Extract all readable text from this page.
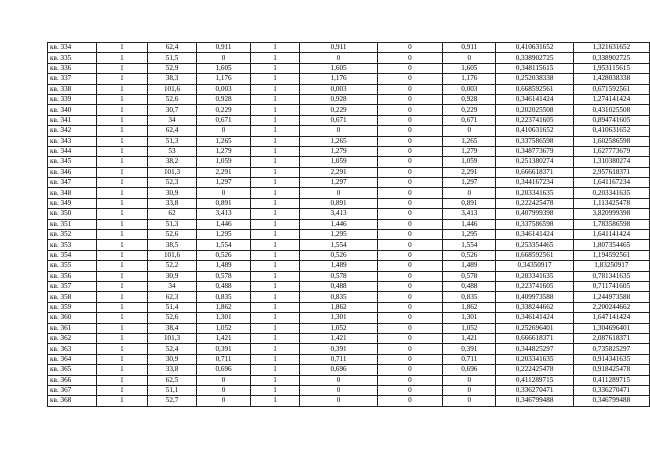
кв. 334	1	62,4	0,911	1	0,911	0	0,911	0,410631652	1,321631652
кв. 335	1	51,5	0	1	0	0	0	0,338902725	0,338902725
кв. 336	1	52,9	1,605	1	1,605	0	1,605	0,348115615	1,953115615
кв. 337	1	38,3	1,176	1	1,176	0	1,176	0,252038338	1,428038338
кв. 338	1	101,6	0,003	1	0,003	0	0,003	0,668592561	0,671592561
кв. 339	1	52,6	0,928	1	0,928	0	0,928	0,346141424	1,274141424
кв. 340	1	30,7	0,229	1	0,229	0	0,229	0,202025508	0,431025508
кв. 341	1	34	0,671	1	0,671	0	0,671	0,223741605	0,894741605
кв. 342	1	62,4	0	1	0	0	0	0,410631652	0,410631652
кв. 343	1	51,3	1,265	1	1,265	0	1,265	0,337586598	1,602586598
кв. 344	1	53	1,279	1	1,279	0	1,279	0,348773679	1,627773679
кв. 345	1	38,2	1,059	1	1,059	0	1,059	0,251380274	1,310380274
кв. 346	1	101,3	2,291	1	2,291	0	2,291	0,666618371	2,957618371
кв. 347	1	52,3	1,297	1	1,297	0	1,297	0,344167234	1,641167234
кв. 348	1	30,9	0	1	0	0	0	0,203341635	0,203341635
кв. 349	1	33,8	0,891	1	0,891	0	0,891	0,222425478	1,113425478
кв. 350	1	62	3,413	1	3,413	0	3,413	0,407999398	3,820999398
кв. 351	1	51,3	1,446	1	1,446	0	1,446	0,337586598	1,783586598
кв. 352	1	52,6	1,295	1	1,295	0	1,295	0,346141424	1,641141424
кв. 353	1	38,5	1,554	1	1,554	0	1,554	0,253354465	1,807354465
кв. 354	1	101,6	0,526	1	0,526	0	0,526	0,668592561	1,194592561
кв. 355	1	52,2	1,489	1	1,489	0	1,489	0,34350917	1,83250917
кв. 356	1	30,9	0,578	1	0,578	0	0,578	0,203341635	0,781341635
кв. 357	1	34	0,488	1	0,488	0	0,488	0,223741605	0,711741605
кв. 358	1	62,3	0,835	1	0,835	0	0,835	0,409973588	1,244973588
кв. 359	1	51,4	1,862	1	1,862	0	1,862	0,338244662	2,200244662
кв. 360	1	52,6	1,301	1	1,301	0	1,301	0,346141424	1,647141424
кв. 361	1	38,4	1,052	1	1,052	0	1,052	0,252696401	1,304696401
кв. 362	1	101,3	1,421	1	1,421	0	1,421	0,666618371	2,087618371
кв. 363	1	52,4	0,391	1	0,391	0	0,391	0,344825297	0,735825297
кв. 364	1	30,9	0,711	1	0,711	0	0,711	0,203341635	0,914341635
кв. 365	1	33,8	0,696	1	0,696	0	0,696	0,222425478	0,918425478
кв. 366	1	62,5	0	1	0	0	0	0,411289715	0,411289715
кв. 367	1	51,1	0	1	0	0	0	0,336270471	0,336270471
кв. 368	1	52,7	0	1	0	0	0	0,346799488	0,346799488
